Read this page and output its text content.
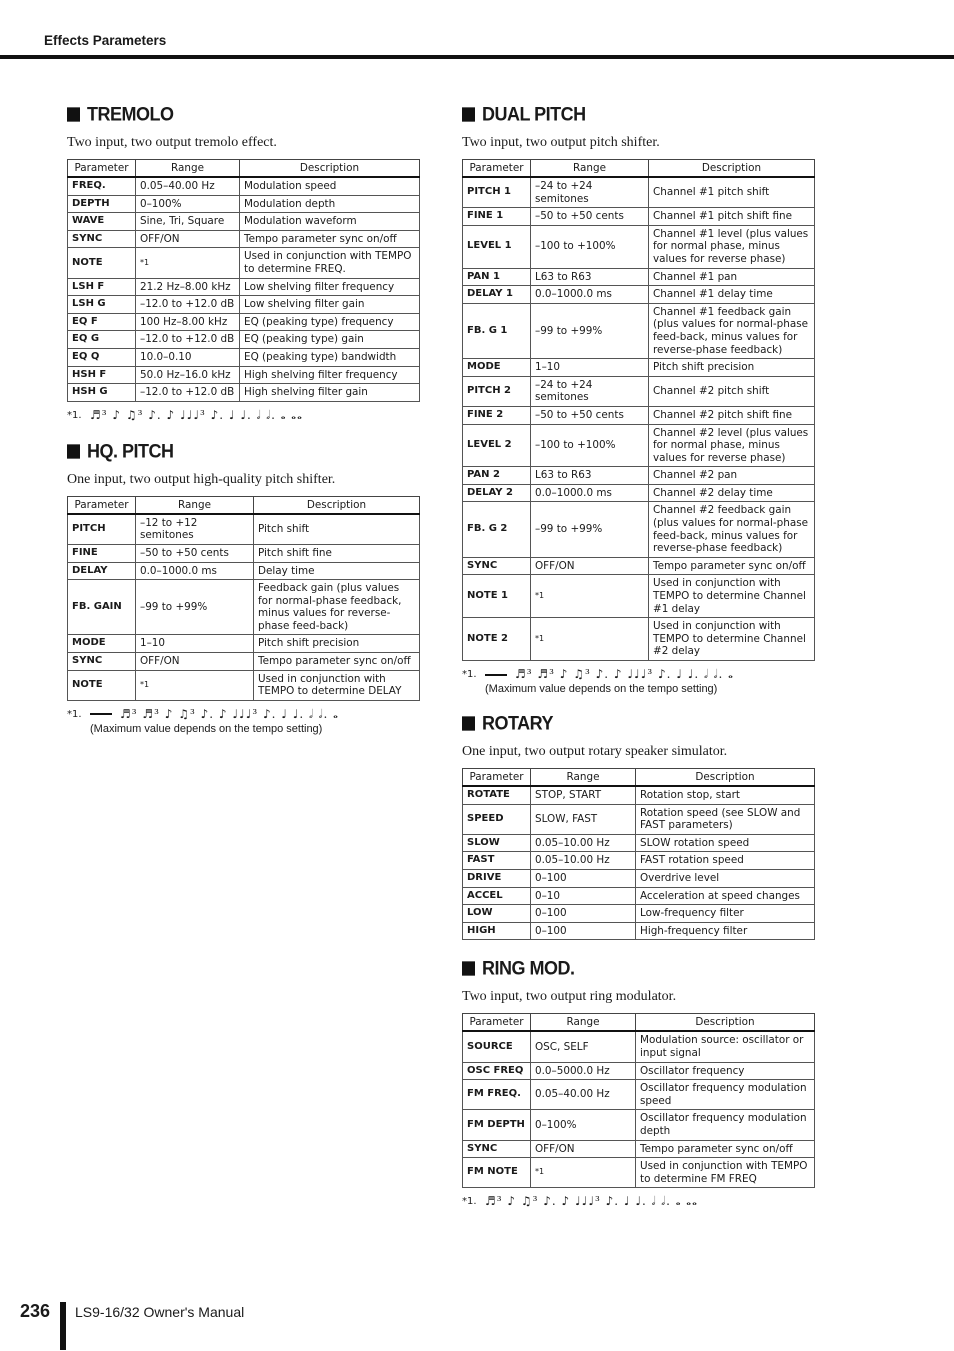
Effects Parameters
TREMOLO

Two input, two output tremolo effect.

Parameter	Range	Description
FREQ.	0.05–40.00 Hz	Modulation speed
DEPTH	0–100%	Modulation depth
WAVE	Sine, Tri, Square	Modulation waveform
SYNC	OFF/ON	Tempo parameter sync on/off
NOTE	*1	Used in conjunction with TEMPO to determine FREQ.
LSH F	21.2 Hz–8.00 kHz	Low shelving filter frequency
LSH G	–12.0 to +12.0 dB	Low shelving filter gain
EQ F	100 Hz–8.00 kHz	EQ (peaking type) frequency
EQ G	–12.0 to +12.0 dB	EQ (peaking type) gain
EQ Q	10.0–0.10	EQ (peaking type) bandwidth
HSH F	50.0 Hz–16.0 kHz	High shelving filter frequency
HSH G	–12.0 to +12.0 dB	High shelving filter gain
*1. ♬³ ♪ ♫³ ♪. ♪ ♩♩♩³ ♪. ♩ ♩. 𝅗𝅥 𝅗𝅥. 𝅝 𝅝𝅝
HQ. PITCH

One input, two output high-quality pitch shifter.

Parameter	Range	Description
PITCH	–12 to +12 semitones	Pitch shift
FINE	–50 to +50 cents	Pitch shift fine
DELAY	0.0–1000.0 ms	Delay time
FB. GAIN	–99 to +99%	Feedback gain (plus values for normal-phase feedback, minus values for reverse-phase feed-back)
MODE	1–10	Pitch shift precision
SYNC	OFF/ON	Tempo parameter sync on/off
NOTE	*1	Used in conjunction with TEMPO to determine DELAY
*1.	♬³ ♬³ ♪ ♫³ ♪. ♪ ♩♩♩³ ♪. ♩ ♩. 𝅗𝅥 𝅗𝅥. 𝅝
(Maximum value depends on the tempo setting)
DUAL PITCH

Two input, two output pitch shifter.

Parameter	Range	Description
PITCH 1	–24 to +24 semitones	Channel #1 pitch shift
FINE 1	–50 to +50 cents	Channel #1 pitch shift fine
LEVEL 1	–100 to +100%	Channel #1 level (plus values for normal phase, minus values for reverse phase)
PAN 1	L63 to R63	Channel #1 pan
DELAY 1	0.0–1000.0 ms	Channel #1 delay time
FB. G 1	–99 to +99%	Channel #1 feedback gain (plus values for normal-phase feed-back, minus values for reverse-phase feedback)
MODE	1–10	Pitch shift precision
PITCH 2	–24 to +24 semitones	Channel #2 pitch shift
FINE 2	–50 to +50 cents	Channel #2 pitch shift fine
LEVEL 2	–100 to +100%	Channel #2 level (plus values for normal phase, minus values for reverse phase)
PAN 2	L63 to R63	Channel #2 pan
DELAY 2	0.0–1000.0 ms	Channel #2 delay time
FB. G 2	–99 to +99%	Channel #2 feedback gain (plus values for normal-phase feed-back, minus values for reverse-phase feedback)
SYNC	OFF/ON	Tempo parameter sync on/off
NOTE 1	*1	Used in conjunction with TEMPO to determine Channel #1 delay
NOTE 2	*1	Used in conjunction with TEMPO to determine Channel #2 delay
*1.	♬³ ♬³ ♪ ♫³ ♪. ♪ ♩♩♩³ ♪. ♩ ♩. 𝅗𝅥 𝅗𝅥. 𝅝
(Maximum value depends on the tempo setting)
ROTARY

One input, two output rotary speaker simulator.

Parameter	Range	Description
ROTATE	STOP, START	Rotation stop, start
SPEED	SLOW, FAST	Rotation speed (see SLOW and FAST parameters)
SLOW	0.05–10.00 Hz	SLOW rotation speed
FAST	0.05–10.00 Hz	FAST rotation speed
DRIVE	0–100	Overdrive level
ACCEL	0–10	Acceleration at speed changes
LOW	0–100	Low-frequency filter
HIGH	0–100	High-frequency filter
RING MOD.

Two input, two output ring modulator.

Parameter	Range	Description
SOURCE	OSC, SELF	Modulation source: oscillator or input signal
OSC FREQ	0.0–5000.0 Hz	Oscillator frequency
FM FREQ.	0.05–40.00 Hz	Oscillator frequency modulation speed
FM DEPTH	0–100%	Oscillator frequency modulation depth
SYNC	OFF/ON	Tempo parameter sync on/off
FM NOTE	*1	Used in conjunction with TEMPO to determine FM FREQ
*1. ♬³ ♪ ♫³ ♪. ♪ ♩♩♩³ ♪. ♩ ♩. 𝅗𝅥 𝅗𝅥. 𝅝 𝅝𝅝
236 LS9-16/32 Owner's Manual
